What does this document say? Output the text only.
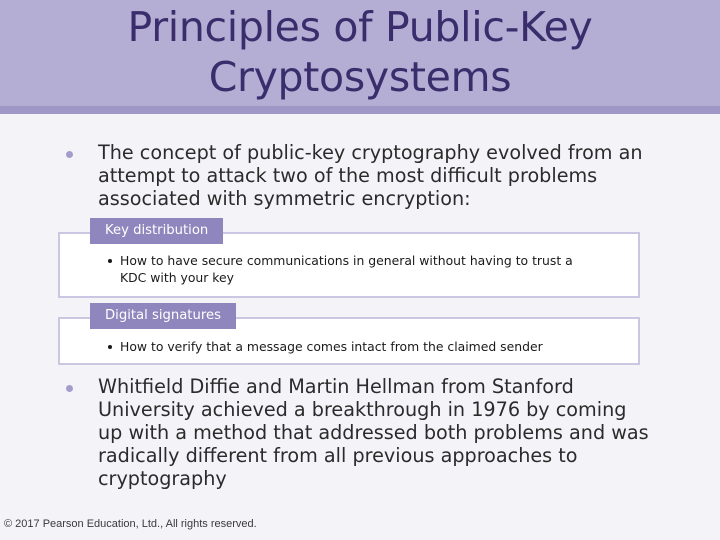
Principles of Public-Key Cryptosystems

The concept of public-key cryptography evolved from an attempt to attack two of the most difficult problems associated with symmetric encryption:

How to have secure communications in general without having to trust a KDC with your key
Key distribution
How to verify that a message comes intact from the claimed sender
Digital signatures

Whitfield Diffie and Martin Hellman from Stanford University achieved a breakthrough in 1976 by coming up with a method that addressed both problems and was radically different from all previous approaches to cryptography

© 2017 Pearson Education, Ltd., All rights reserved.
